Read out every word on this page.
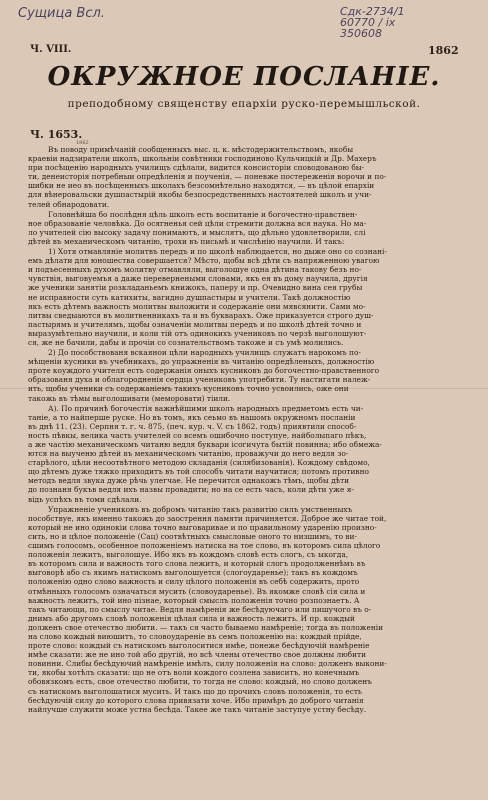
Сущица Всл.	Сдк-2734/1
60770 / іх
350608
Ч. VIII.	1862
ОКРУЖНОЕ ПОСЛАНІЕ.
преподобному священству епархіи руско-перемышльской.
Ч. 1653.
1862

Въ поводу примѣчаній сообщенныхъ выс. ц. к. мѣстодержительствомъ, якобы
краевіи надзиратели школъ, школьніи совѣтники господиново Кульчицкій и Др. Махеръ
при посѣщенію народныхъ училищъ сдѣлали, видится консисторіи споводованою бы-
ти, денеисторія потребныи опредѣленія и поученія, — поневже постереженія ворочи и по-
шибки не иео въ посѣщенныхъ школахъ безсомнѣтельно находятся, — въ цѣлой епархіи
для вѣнеровальски душпастырій якобы безпосредственныхъ настоятелей школъ и учи-
телей обнародовати.

Головнѣйша бо послѣдня цѣль школъ есть воспитаніе и богочестно-правствен-
ное образованіе человѣка. До осягненья сей цѣли стремити должна вся наука. Но ма-
ло учителей сію высоку задачу понимаютъ, и мыслятъ, що дѣльно удовлетворили, слі
дѣтей въ механическомъ читанію, трохи въ письмѣ и числѣнію научили. И такъ:

1) Хотя отмавляніе молитвъ передъ и по школѣ наблюдается, но дыже оно со сознані-
емъ дѣлати для юношества совершается? Мѣсто, щобы всѣ дѣти съ напряженною увагою
и подъесенныхъ духомъ молитву отмавляли, выголошуе одна дѣтина такову безъ но-
чувствія, выговуемъя а даже перевернеными словами, якъ ея въ дому научила, другія
же ученики занятіи розкладаньемъ книжокъ, паперу и пр. Очевидно вина сея грубы
не исправности суть катихиты, вагидно душпастыры и учители. Такѣ должностію
якъ есть дѣтемъ важность молитвы выложити и содержаніе они мявсянити. Сами мо-
литвы сведыаются въ молитвенникахъ та и въ букварахъ. Оже приказуется строго душ-
пастырямъ и учителямъ, щобы означеніи молитвы передъ и по школѣ дѣтей точно и
выразумѣтельно научили, и коли тій отъ одинокихъ учениковъ по черзѣ выголошуют-
ся, же не бачили, дабы и прочіи со сознательствомъ такоже и съ умѣ молились.

2) До пособствованя вскаянои цѣли народныхъ училищъ служатъ нарокомъ по-
мѣщеніи кусники въ учебникахъ, до упражненія въ читанію опредѣленыхъ, должностію
проте коуждого учителя есть содержанія оныхъ кусниковъ до богочестно-правственного
образованя духа и облагородненія сердца учениковъ употребити. Ту настигати належ-
ить, щобы ученики съ содержаніемъ такихъ кусниковъ точно усвоились, оже они
такожь въ тѣмы выголошивати (меморовати) тіили.

А). По причинѣ богочестія важнѣйшими школъ народныхъ предметомъ есть чи-
таніе, а то найперше руске. Но въ томъ, якъ сеьмо въ нашомъ окружномъ посланіи
въ днѣ 11. (23). Серпня т. г. ч. 875, (печ. кур. ч. V. съ 1862. годъ) приявтили способ-
ность пѣвкы, велика часть учителей со всемъ ошибочно поступуе, найболыпаго пѣкъ,
а же частію механическомъ читаню ведля буквари ісогичута бытій повинна; ибо обмежа-
ются на выученю дѣтей въ механическомъ читанію, проважучи до него ведля зо-
старѣлого, цѣли несоотвѣтного методою складанія (силябизованія). Кождому свѣдомо,
що дѣтемъ дуже тяжко приходитъ въ той способъ читати научитися; потомъ противно
методъ ведля звука дуже рѣчь улегчае. Не перечится однакожъ тѣмъ, щобы дѣти
до познаня букъв ведля ихъ назвы провадити; но на се есть часъ, коли дѣти уже я-
відь успѣхъ въ томи сдѣлали.

Упражненіе учениковъ въ добромъ читанію такъ развитію силъ умственныхъ
пособствуе, якъ именно такожъ до заострення памяти причиняется. Доброе же читае той,
который не ино одинокіи слова точно выговаривае и по правильному ударенію произно-
сить, но и цѣлое положеніе (Сац) соотвѣтныхъ смысловые оного то низшимъ, то ви-
сшимъ голосомъ, особенное положеніемъ натиска на тое слово, въ которомъ сила цѣлого
положенія лежитъ, выголошуе. Ибо якъ въ кождомъ словѣ есть слогъ, съ ыкогда,
въ которомъ сила и важность того слова лежитъ, и который слогъ продолженнѣмъ въ
выговорѣ або съ якимъ натискомъ выголошуется (слогоударенье); такъ въ кождомъ
положенію одно слово важность и силу цѣлого положенія въ себѣ содержить, прото
отмѣнныхъ голосомъ означаться мусить (словоударенье). Въ якомже словѣ сія сила и
важность лежитъ, той ино пізнае, который смыслъ положенія точно розпознаетъ. А
такъ читающи, по смыслу читае. Ведля намѣренія же бесѣдуючаго или пишучого въ о-
днимъ або другомъ словѣ положенія цѣлая сила и важность лежитъ. И пр. кождый
долженъ свое отечество любити. — такъ ся часто бываемо намѣреніе; тогда въ положеніи
на слово кождый виюшитъ, то словоудареніе въ семъ положенію на: кождый прійде,
проте слово: кождый съ натискомъ выголоситися имѣе, понеже бесѣдуючій намѣреніе
имѣе сказати: же не ино той або другій, но всѣ члены отечество свое должны любити
повинни. Слибы бесѣдуючий намѣреніе имѣлъ, силу положенія на слово: долженъ выкони-
ти, якобы хотѣлъ сказати: що не отъ воли кождого созлена зависитъ, но конечнымъ
обовязкомъ есть, свое отечество любити, то тогда не слово: кождый, но слово долженъ
съ натискомъ выголошатися мусить. И такъ що до прочихъ словъ положенія, то есть
бесѣдуючій силу до которого слова привязати хоче. Ибо примѣръ до доброго читанія
найлучше служити може устна бесѣда. Такее же такъ читаніе заступуе устну бесѣду.
